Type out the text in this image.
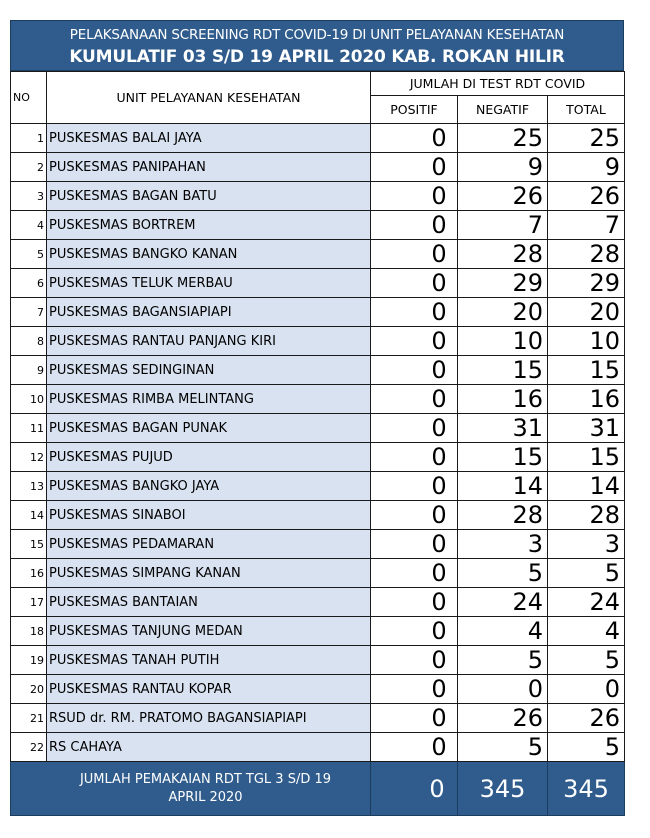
PELAKSANAAN SCREENING RDT COVID-19 DI UNIT PELAYANAN KESEHATAN
KUMULATIF 03 S/D 19 APRIL 2020 KAB. ROKAN HILIR
NO	UNIT PELAYANAN KESEHATAN	JUMLAH DI TEST RDT COVID		
		POSITIF	NEGATIF	TOTAL
1	PUSKESMAS BALAI JAYA	0	25	25
2	PUSKESMAS PANIPAHAN	0	9	9
3	PUSKESMAS BAGAN BATU	0	26	26
4	PUSKESMAS BORTREM	0	7	7
5	PUSKESMAS BANGKO KANAN	0	28	28
6	PUSKESMAS TELUK MERBAU	0	29	29
7	PUSKESMAS BAGANSIAPIAPI	0	20	20
8	PUSKESMAS RANTAU PANJANG KIRI	0	10	10
9	PUSKESMAS SEDINGINAN	0	15	15
10	PUSKESMAS RIMBA MELINTANG	0	16	16
11	PUSKESMAS BAGAN PUNAK	0	31	31
12	PUSKESMAS PUJUD	0	15	15
13	PUSKESMAS BANGKO JAYA	0	14	14
14	PUSKESMAS SINABOI	0	28	28
15	PUSKESMAS PEDAMARAN	0	3	3
16	PUSKESMAS SIMPANG KANAN	0	5	5
17	PUSKESMAS BANTAIAN	0	24	24
18	PUSKESMAS TANJUNG MEDAN	0	4	4
19	PUSKESMAS TANAH PUTIH	0	5	5
20	PUSKESMAS RANTAU KOPAR	0	0	0
21	RSUD dr. RM. PRATOMO BAGANSIAPIAPI	0	26	26
22	RS CAHAYA	0	5	5
JUMLAH PEMAKAIAN RDT TGL 3 S/D 19 APRIL 2020		0	345	345
